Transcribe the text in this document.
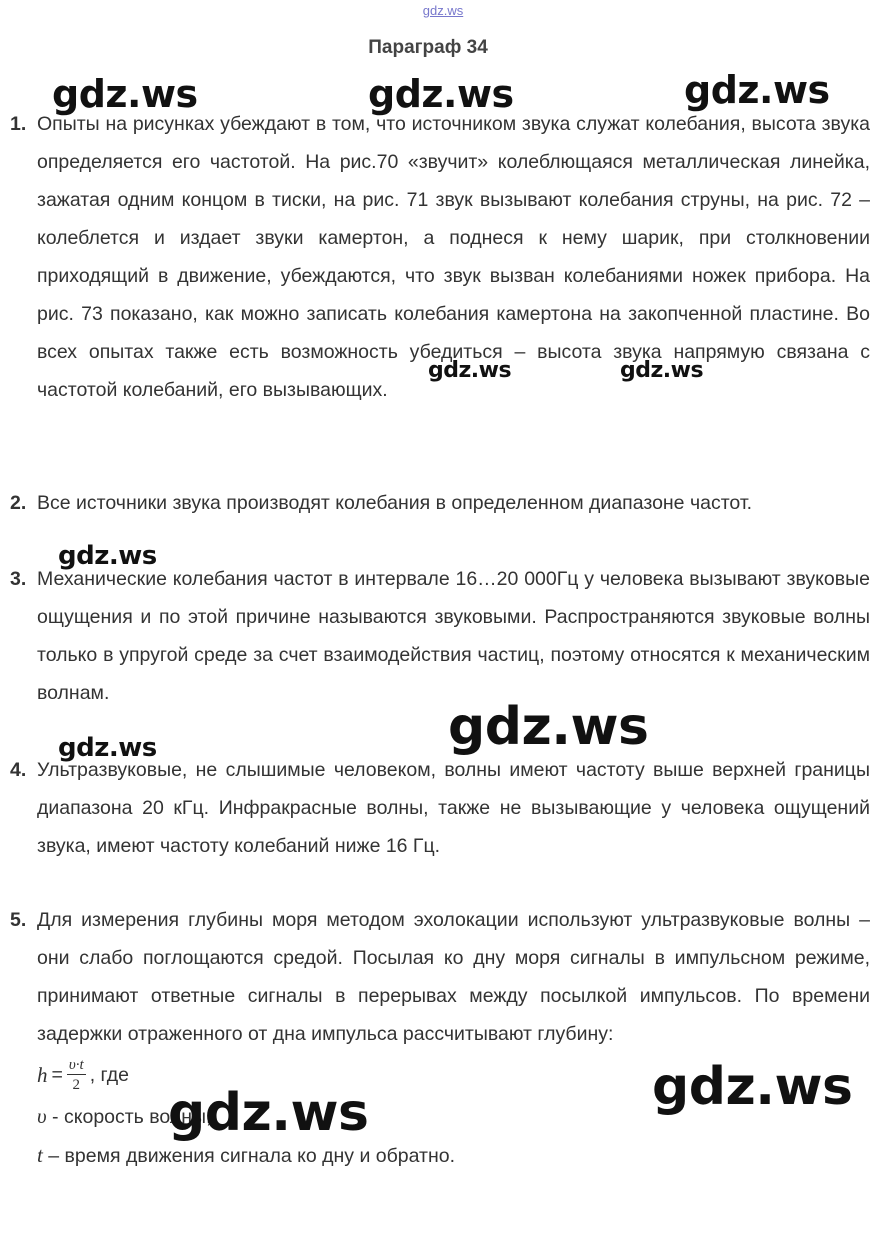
gdz.ws
Параграф 34
1. Опыты на рисунках убеждают в том, что источником звука служат колебания, высота звука определяется его частотой. На рис.70 «звучит» колеблющаяся металлическая линейка, зажатая одним концом в тиски, на рис. 71 звук вызывают колебания струны, на рис. 72 – колеблется и издает звуки камертон, а поднеся к нему шарик, при столкновении приходящий в движение, убеждаются, что звук вызван колебаниями ножек прибора. На рис. 73 показано, как можно записать колебания камертона на закопченной пластине. Во всех опытах также есть возможность убедиться – высота звука напрямую связана с частотой колебаний, его вызывающих.
2. Все источники звука производят колебания в определенном диапазоне частот.
3. Механические колебания частот в интервале 16…20 000Гц у человека вызывают звуковые ощущения и по этой причине называются звуковыми. Распространяются звуковые волны только в упругой среде за счет взаимодействия частиц, поэтому относятся к механическим волнам.
4. Ультразвуковые, не слышимые человеком, волны имеют частоту выше верхней границы диапазона 20 кГц. Инфракрасные волны, также не вызывающие у человека ощущений звука, имеют частоту колебаний ниже 16 Гц.
5. Для измерения глубины моря методом эхолокации используют ультразвуковые волны – они слабо поглощаются средой. Посылая ко дну моря сигналы в импульсном режиме, принимают ответные сигналы в перерывах между посылкой импульсов. По времени задержки отраженного от дна импульса рассчитывают глубину:
$h = \frac{\upsilon\cdot t}{2}$ , где
υ - скорость волны;
t – время движения сигнала ко дну и обратно.
gdz.ws	gdz.ws	gdz.ws
gdz.ws	gdz.ws
gdz.ws
gdz.ws
gdz.ws
gdz.ws
gdz.ws
